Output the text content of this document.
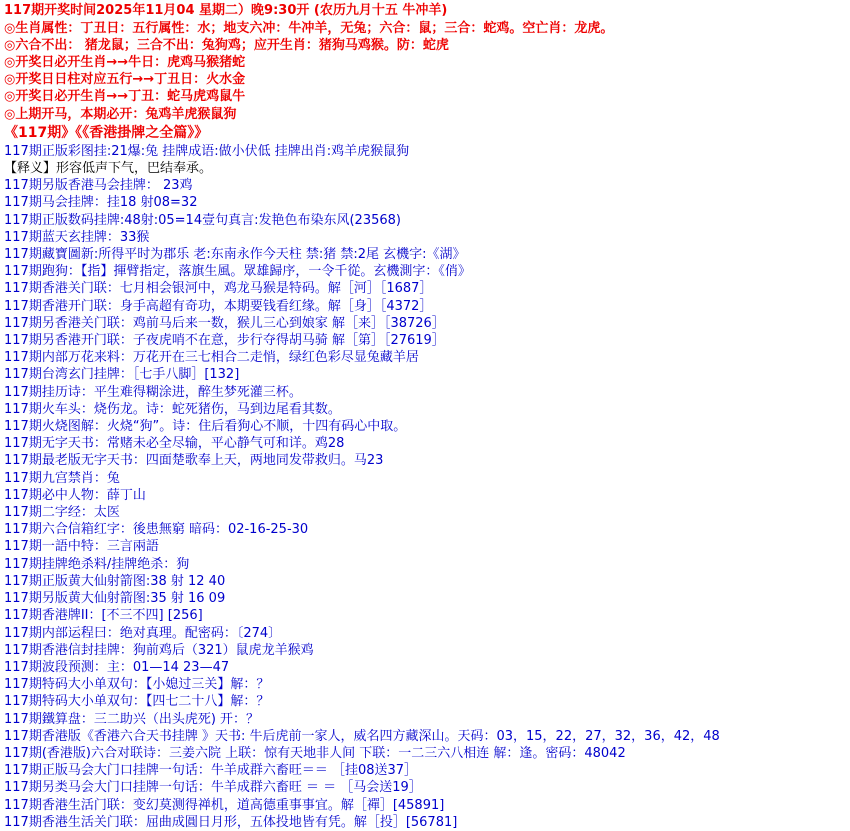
117期开奖时间2025年11月04 星期二）晚9:30开 (农历九月十五 牛冲羊)
◎生肖属性：丁丑日：五行属性：水；地支六冲：牛冲羊，无兔；六合：鼠；三合：蛇鸡。空亡肖：龙虎。
◎六合不出： 猪龙鼠；三合不出：兔狗鸡；应开生肖：猪狗马鸡猴。防：蛇虎
◎开奖日必开生肖→→牛日：虎鸡马猴猪蛇
◎开奖日日柱对应五行→→丁丑日：火水金
◎开奖日必开生肖→→丁丑：蛇马虎鸡鼠牛
◎上期开马，本期必开：兔鸡羊虎猴鼠狗
《117期》《《香港掛牌之全篇》》
117期正版彩图挂:21爆:兔 挂牌成语:做小伏低 挂牌出肖:鸡羊虎猴鼠狗
【释义】形容低声下气，巴结奉承。
117期另版香港马会挂牌： 23鸡
117期马会挂牌：挂18 射08=32
117期正版数码挂牌:48射:05=14壹句真言:发艳色布染东风(23568)
117期蓝天玄挂牌：33猴
117期藏寶圖新:所得平时为郡乐 老:东南永作今天柱 禁:猪 禁:2尾 玄機字:《湖》
117期跑狗：【指】揮臂指定，落旗生風。眾雄歸序，一令千從。玄機測字：《俏》
117期香港关门联：七月相会银河中，鸡龙马猴是特码。解［河］［1687］
117期香港开门联：身手高超有奇功，本期要钱看红缘。解［身］［4372］
117期另香港关门联：鸡前马后来一数，猴儿三心到娘家 解［来］［38726］
117期另香港开门联：子夜虎哨不在意，步行夺得胡马骑 解［第］［27619］
117期内部万花来料：万花开在三七相合二走悄，绿红色彩尽显兔藏羊居
117期台湾玄门挂牌：［七手八脚］[132]
117期挂历诗：平生难得糊涂进，醉生梦死灌三杯。
117期火车头：烧伤龙。诗：蛇死猪伤，马到边尾看其数。
117期火烧图解：火烧“狗”。诗：住后看狗心不顺，十四有码心中取。
117期无字天书：常赌未必全尽输，平心静气可和详。鸡28
117期最老版无字天书：四面楚歌奉上天，两地同发带救归。马23
117期九宫禁肖：兔
117期必中人物：薛丁山
117期二字经：太医
117期六合信箱红字：後患無窮 暗码：02-16-25-30
117期一語中特：三言兩語
117期挂牌绝杀料/挂牌绝杀：狗
117期正版黄大仙射箭图:38 射 12 40
117期另版黄大仙射箭图:35 射 16 09
117期香港牌II：[不三不四] [256]
117期内部运程曰：绝对真理。配密码：〔274〕
117期香港信封挂牌：狗前鸡后（321）鼠虎龙羊猴鸡
117期波段预测：主：01—14 23—47
117期特码大小单双句：【小媳过三关】解：？
117期特码大小单双句：【四七二十八】解：？
117期鐵算盘：三二助兴（出头虎死) 开：？
117期香港版《香港六合天书挂牌 》天书: 牛后虎前一家人，威名四方藏深山。天码：03，15，22，27，32，36，42，48
117期(香港版)六合对联诗：三姜六院 上联：惊有天地非人间 下联：一二三六八相连 解：逢。密码：48042
117期正版马会大门口挂牌一句话：牛羊成群六畜旺＝＝ ［挂08送37］
117期另类马会大门口挂牌一句话：牛羊成群六畜旺 ＝ ＝ ［马会送19］
117期香港生活门联：变幻莫测得禅机，道高德重事事宜。解［禪］[45891]
117期香港生活关门联：屈曲成圓日月形，五体投地皆有凭。解［投］[56781]
